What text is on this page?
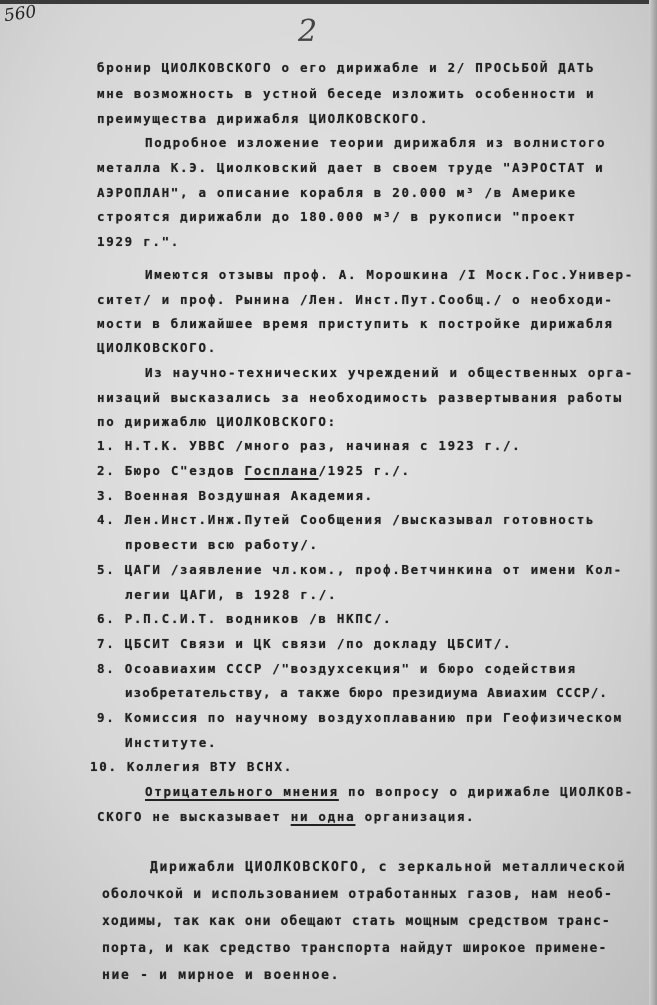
560	2
бронир ЦИОЛКОВСКОГО о его дирижабле и 2/ ПРОСЬБОЙ ДАТЬ
мне возможность в устной беседе изложить особенности и
преимущества дирижабля ЦИОЛКОВСКОГО.
Подробное изложение теории дирижабля из волнистого
металла К.Э. Циолковский дает в своем труде "АЭРОСТАТ и
АЭРОПЛАН", а описание корабля в 20.000 м³ /в Америке
строятся дирижабли до 180.000 м³/ в рукописи "проект
1929 г.".
Имеются отзывы проф. А. Морошкина /I Моск.Гос.Универ-
ситет/ и проф. Рынина /Лен. Инст.Пут.Сообщ./ о необходи-
мости в ближайшее время приступить к постройке дирижабля
ЦИОЛКОВСКОГО.
Из научно-технических учреждений и общественных орга-
низаций высказались за необходимость развертывания работы
по дирижаблю ЦИОЛКОВСКОГО:
1. Н.Т.К. УВВС /много раз, начиная с 1923 г./.
2. Бюро С"ездов Госплана/1925 г./.
3. Военная Воздушная Академия.
4. Лен.Инст.Инж.Путей Сообщения /высказывал готовность
провести всю работу/.
5. ЦАГИ /заявление чл.ком., проф.Ветчинкина от имени Кол-
легии ЦАГИ, в 1928 г./.
6. Р.П.С.И.Т. водников /в НКПС/.
7. ЦБСИТ Связи и ЦК связи /по докладу ЦБСИТ/.
8. Осоавиахим СССР /"воздухсекция" и бюро содействия
изобретательству, а также бюро президиума Авиахим СССР/.
9. Комиссия по научному воздухоплаванию при Геофизическом
Институте.
10. Коллегия ВТУ ВСНХ.
Отрицательного мнения по вопросу о дирижабле ЦИОЛКОВ-
СКОГО не высказывает ни одна организация.
Дирижабли ЦИОЛКОВСКОГО, с зеркальной металлической
оболочкой и использованием отработанных газов, нам необ-
ходимы, так как они обещают стать мощным средством транс-
порта, и как средство транспорта найдут широкое примене-
ние - и мирное и военное.
